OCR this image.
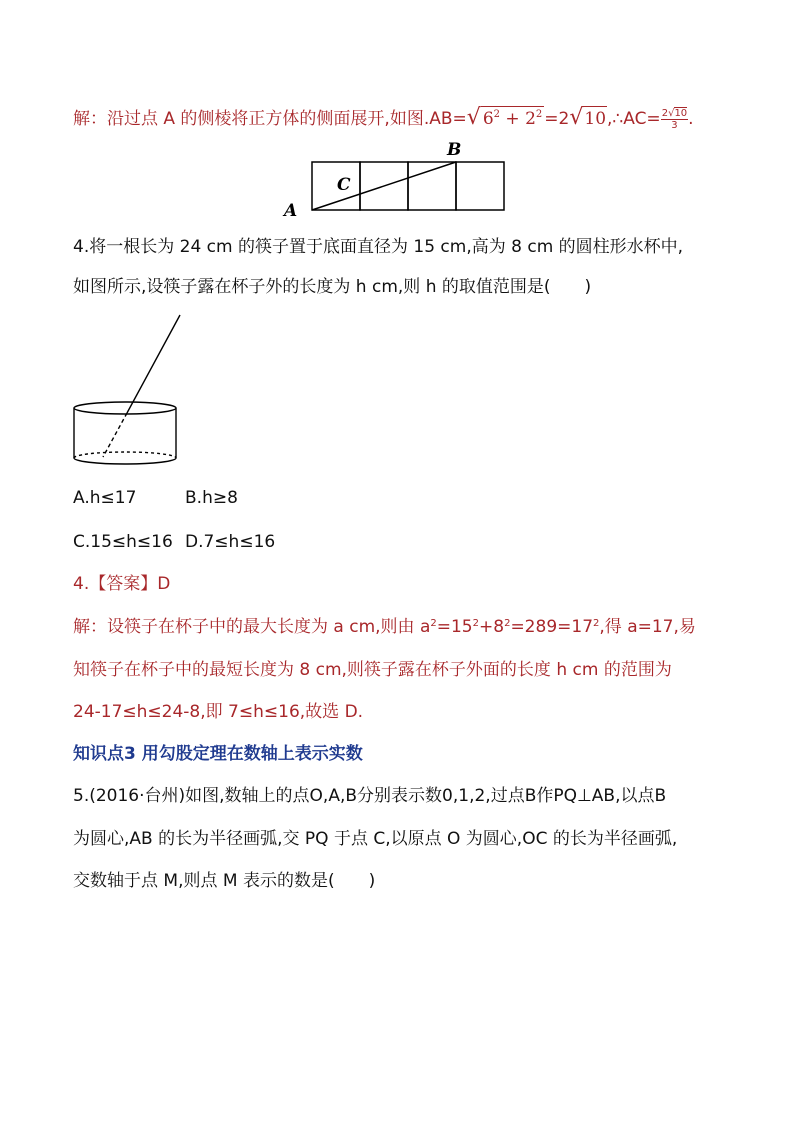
解：沿过点 A 的侧棱将正方体的侧面展开,如图.AB=√ $6^2 + 2^2$ =2√10,∴AC= $\frac{2√10}{3}$ .
A
B
C
4.将一根长为 24 cm 的筷子置于底面直径为 15 cm,高为 8 cm 的圆柱形水杯中,
如图所示,设筷子露在杯子外的长度为 h cm,则 h 的取值范围是(　　)
A.h≤17	B.h≥8
C.15≤h≤16 D.7≤h≤16
4.【答案】D
解：设筷子在杯子中的最大长度为 a cm,则由 $a^2=15^2+8^2=289=17^2$,得 a=17,易
知筷子在杯子中的最短长度为 8 cm,则筷子露在杯子外面的长度 h cm 的范围为
24-17≤h≤24-8,即 7≤h≤16,故选 D.
知识点3 用勾股定理在数轴上表示实数
5.(2016·台州)如图,数轴上的点O,A,B分别表示数0,1,2,过点B作PQ⊥AB,以点B
为圆心,AB 的长为半径画弧,交 PQ 于点 C,以原点 O 为圆心,OC 的长为半径画弧,
交数轴于点 M,则点 M 表示的数是(　　)
